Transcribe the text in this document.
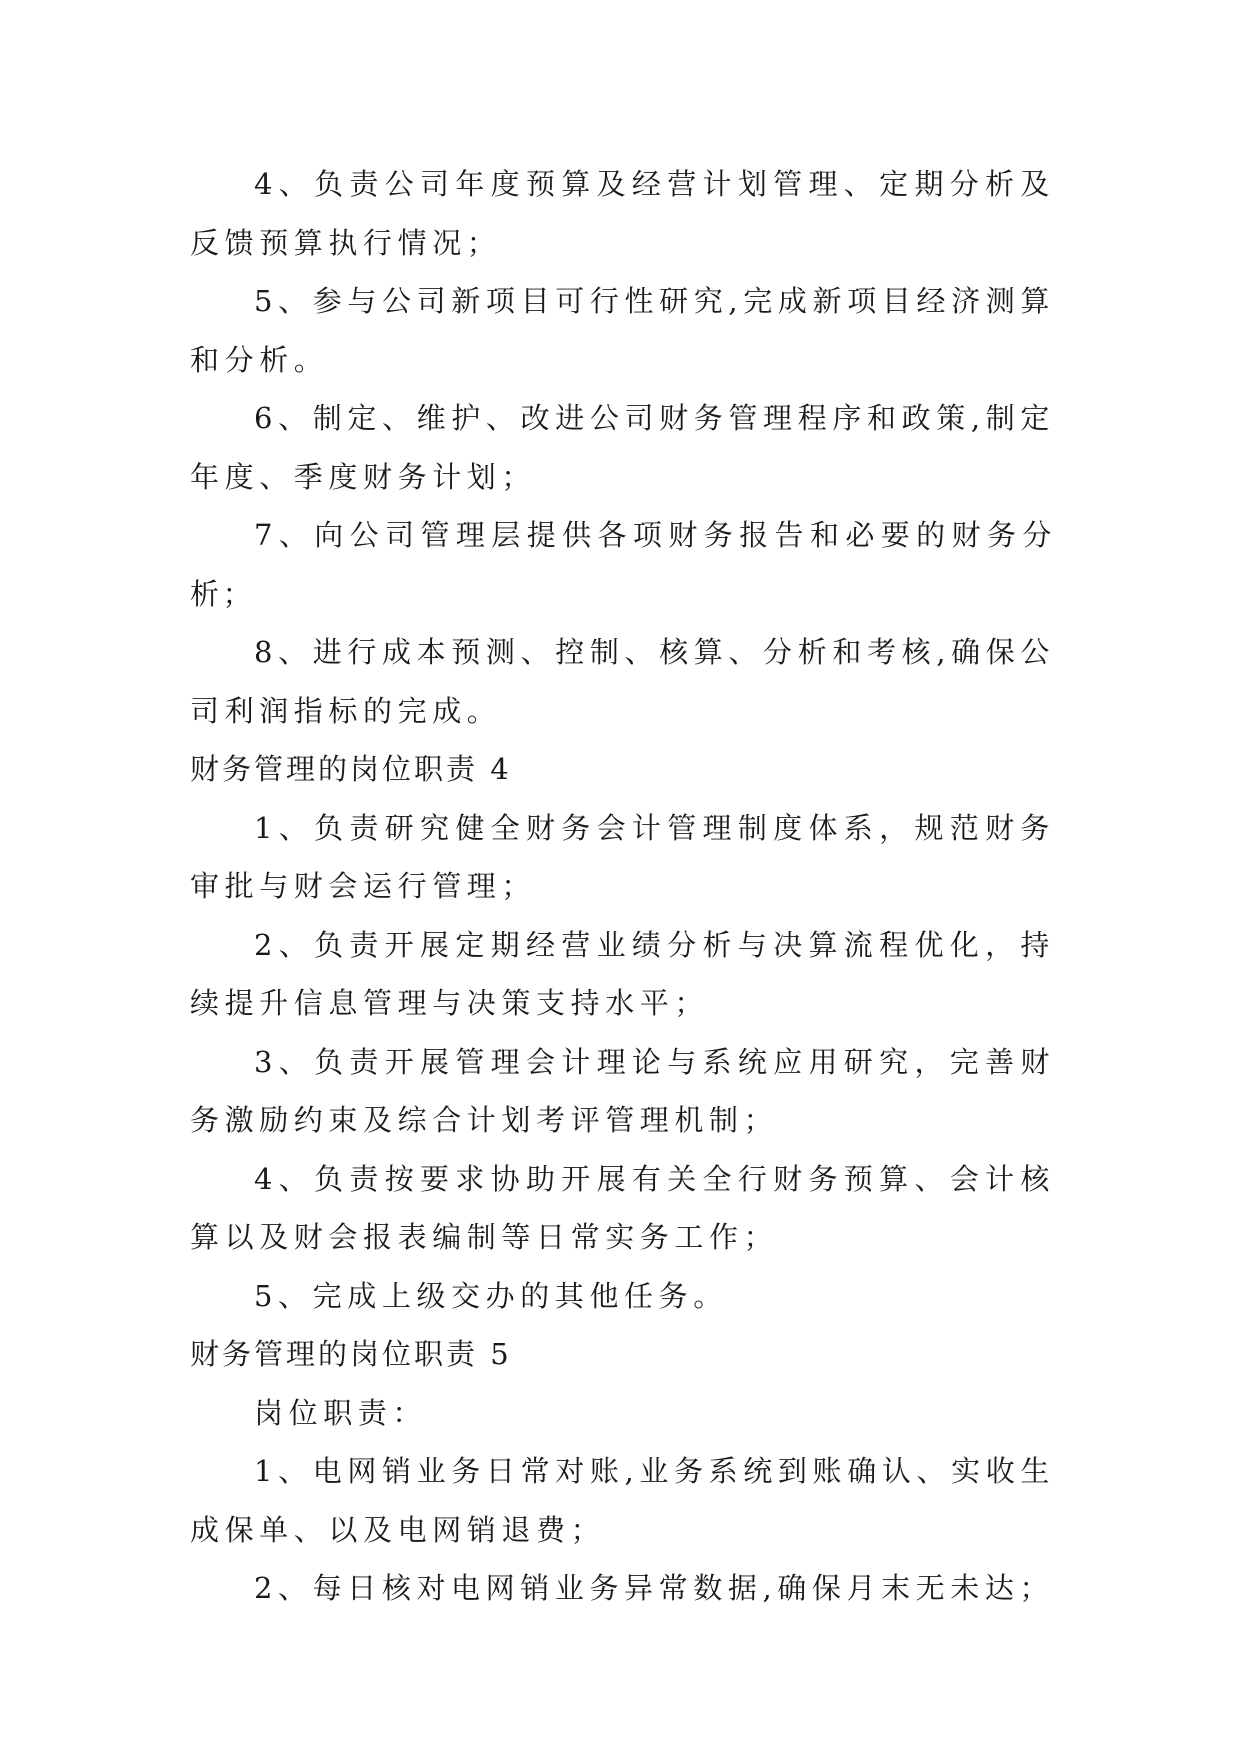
4、负责公司年度预算及经营计划管理、定期分析及反馈预算执行情况；

5、参与公司新项目可行性研究,完成新项目经济测算和分析。

6、制定、维护、改进公司财务管理程序和政策,制定年度、季度财务计划；

7、向公司管理层提供各项财务报告和必要的财务分析；

8、进行成本预测、控制、核算、分析和考核,确保公司利润指标的完成。

财务管理的岗位职责 4

1、负责研究健全财务会计管理制度体系，规范财务审批与财会运行管理；

2、负责开展定期经营业绩分析与决算流程优化，持续提升信息管理与决策支持水平；

3、负责开展管理会计理论与系统应用研究，完善财务激励约束及综合计划考评管理机制；

4、负责按要求协助开展有关全行财务预算、会计核算以及财会报表编制等日常实务工作；

5、完成上级交办的其他任务。

财务管理的岗位职责 5

岗位职责：

1、电网销业务日常对账,业务系统到账确认、实收生成保单、以及电网销退费；

2、每日核对电网销业务异常数据,确保月末无未达；
